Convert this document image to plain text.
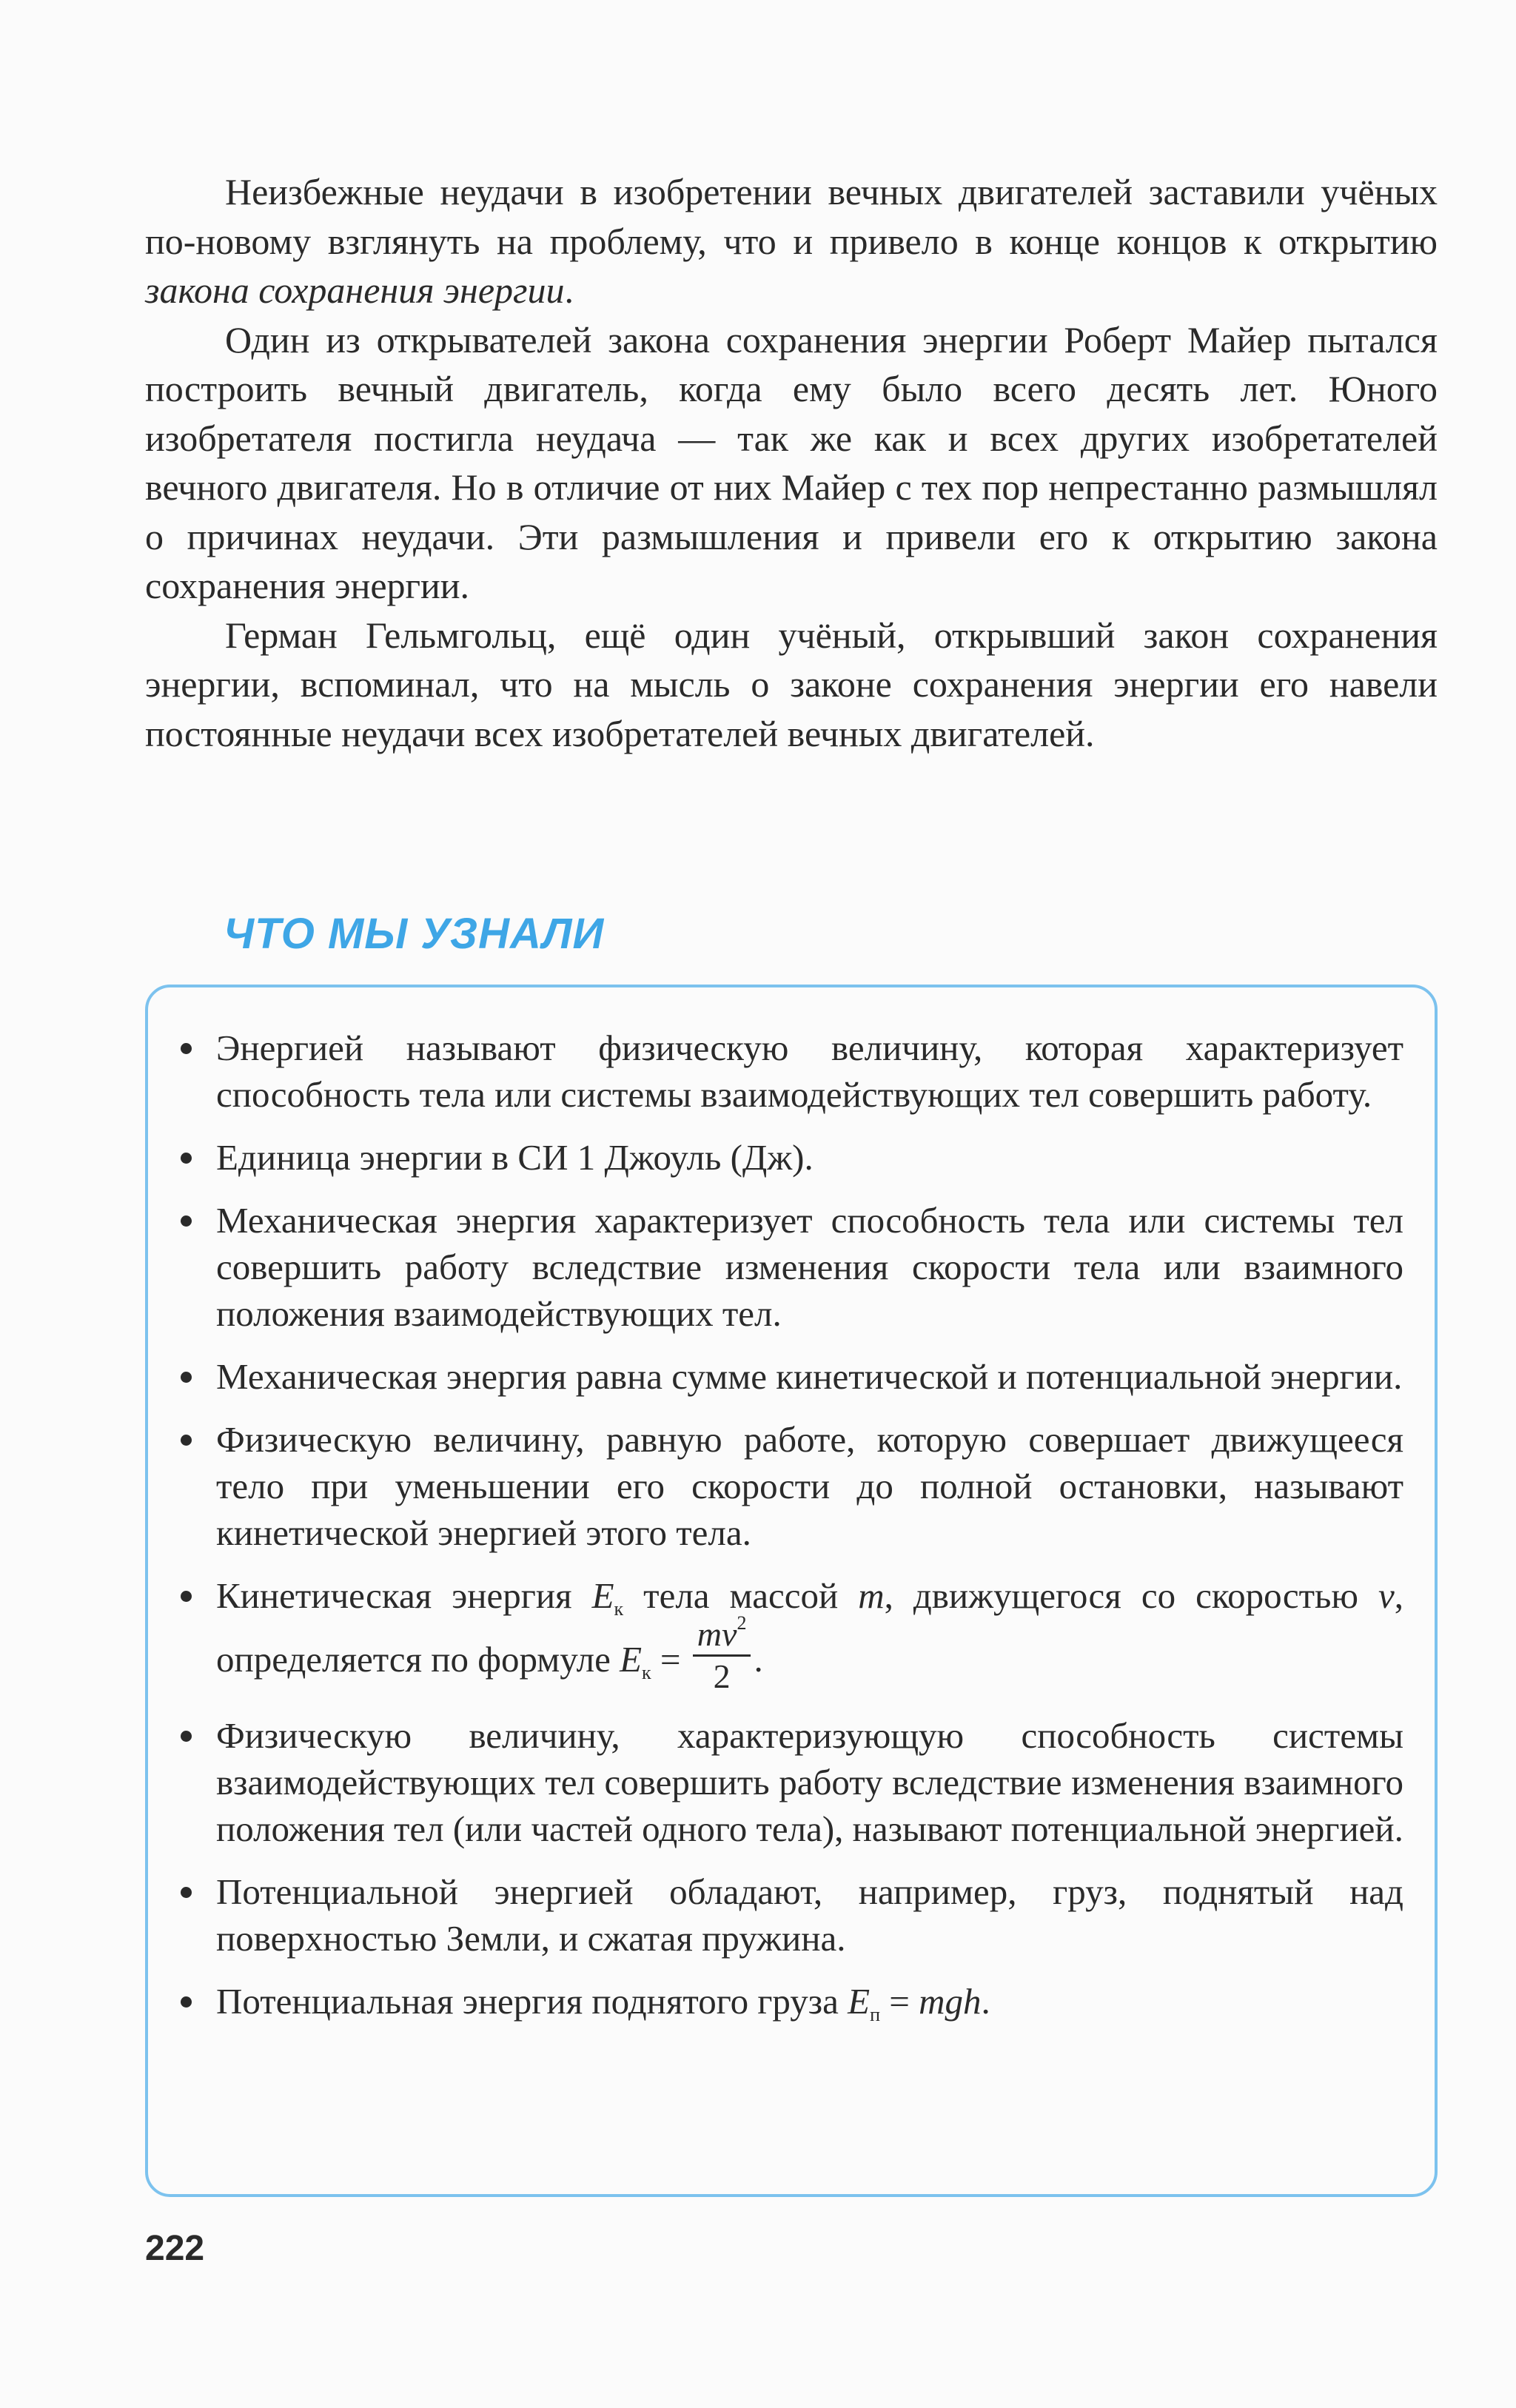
Неизбежные неудачи в изобретении вечных двигателей заставили учёных по-новому взглянуть на проблему, что и привело в конце концов к открытию закона сохранения энергии.

Один из открывателей закона сохранения энергии Роберт Майер пытался построить вечный двигатель, когда ему было всего десять лет. Юного изобретателя постигла неудача — так же как и всех других изобретателей вечного двигателя. Но в отличие от них Майер с тех пор непрестанно размышлял о причинах неудачи. Эти размышления и привели его к открытию закона сохранения энергии.

Герман Гельмгольц, ещё один учёный, открывший закон сохранения энергии, вспоминал, что на мысль о законе сохранения энергии его навели постоянные неудачи всех изобретателей вечных двигателей.

ЧТО МЫ УЗНАЛИ
Энергией называют физическую величину, которая характеризует способность тела или системы взаимодействующих тел совершить работу.
Единица энергии в СИ 1 Джоуль (Дж).
Механическая энергия характеризует способность тела или системы тел совершить работу вследствие изменения скорости тела или взаимного положения взаимодействующих тел.
Механическая энергия равна сумме кинетической и потенциальной энергии.
Физическую величину, равную работе, которую совершает движущееся тело при уменьшении его скорости до полной остановки, называют кинетической энергией этого тела.
Кинетическая энергия $E_к$ тела массой m, движущегося со скоростью v, определяется по формуле $E_к = \frac{mv^2}{2}$ .
Физическую величину, характеризующую способность системы взаимодействующих тел совершить работу вследствие изменения взаимного положения тел (или частей одного тела), называют потенциальной энергией.
Потенциальной энергией обладают, например, груз, поднятый над поверхностью Земли, и сжатая пружина.
Потенциальная энергия поднятого груза $E_п$ = mgh.
222
